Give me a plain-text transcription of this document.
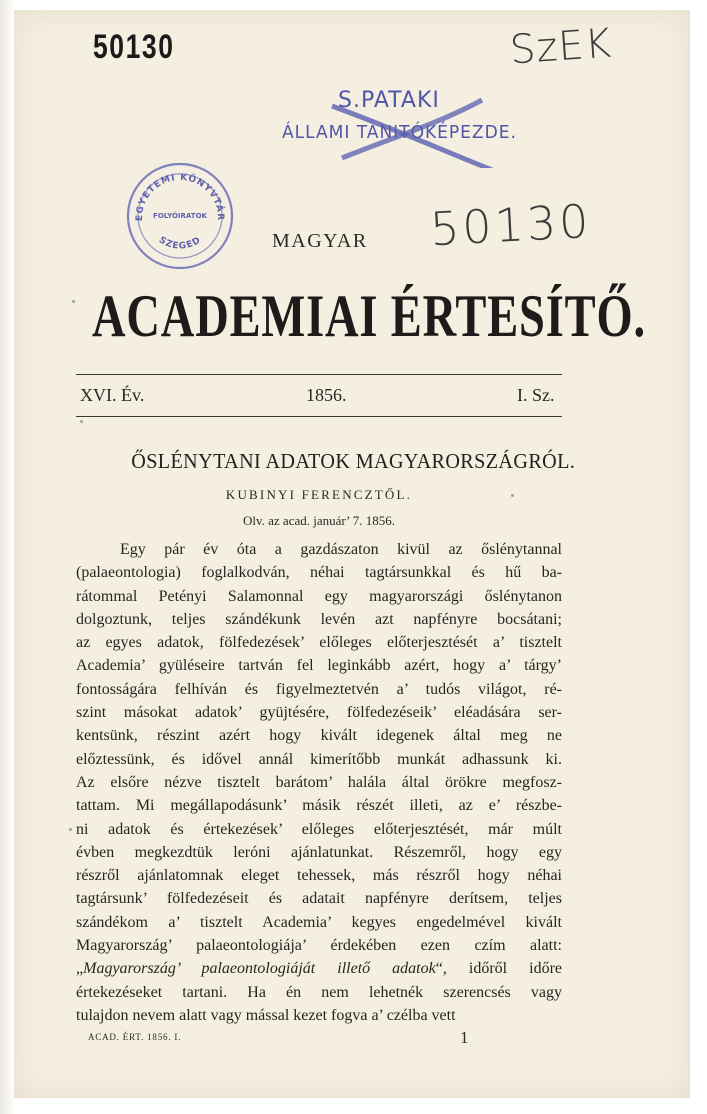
50130	SzEK
50130
S.PATAKI
ÁLLAMI TANITÓKÉPEZDE.
EGYETEMI KÖNYVTÁR
FOLYÓIRATOK
SZEGED	MAGYAR
ACADEMIAI ÉRTESÍTŐ.
XVI. Év.	1856.	I. Sz.
ŐSLÉNYTANI ADATOK MAGYARORSZÁGRÓL.
KUBINYI FERENCZTŐL.
Olv. az acad. január’ 7. 1856.
Egy pár év óta a gazdászaton kivül az őslénytannal
(palaeontologia) foglalkodván, néhai tagtársunkkal és hű ba-
rátommal Petényi Salamonnal egy magyarországi őslénytanon
dolgoztunk, teljes szándékunk levén azt napfényre bocsátani;
az egyes adatok, fölfedezések’ előleges előterjesztését a’ tisztelt
Academia’ gyüléseire tartván fel leginkább azért, hogy a’ tárgy’
fontosságára felhíván és figyelmeztetvén a’ tudós világot, ré-
szint másokat adatok’ gyüjtésére, fölfedezéseik’ eléadására ser-
kentsünk, részint azért hogy kivált idegenek által meg ne
előztessünk, és idővel annál kimerítőbb munkát adhassunk ki.
Az elsőre nézve tisztelt barátom’ halála által örökre megfosz-
tattam. Mi megállapodásunk’ másik részét illeti, az e’ részbe-
ni adatok és értekezések’ előleges előterjesztését, már múlt
évben megkezdtük leróni ajánlatunkat. Részemről, hogy egy
részről ajánlatomnak eleget tehessek, más részről hogy néhai
tagtársunk’ fölfedezéseit és adatait napfényre derítsem, teljes
szándékom a’ tisztelt Academia’ kegyes engedelmével kivált
Magyarország’ palaeontologiája’ érdekében ezen czím alatt:
„Magyarország’ palaeontologiáját illető adatok“, időről időre
értekezéseket tartani. Ha én nem lehetnék szerencsés vagy
tulajdon nevem alatt vagy mással kezet fogva a’ czélba vett
ACAD. ÉRT. 1856. I.	1
